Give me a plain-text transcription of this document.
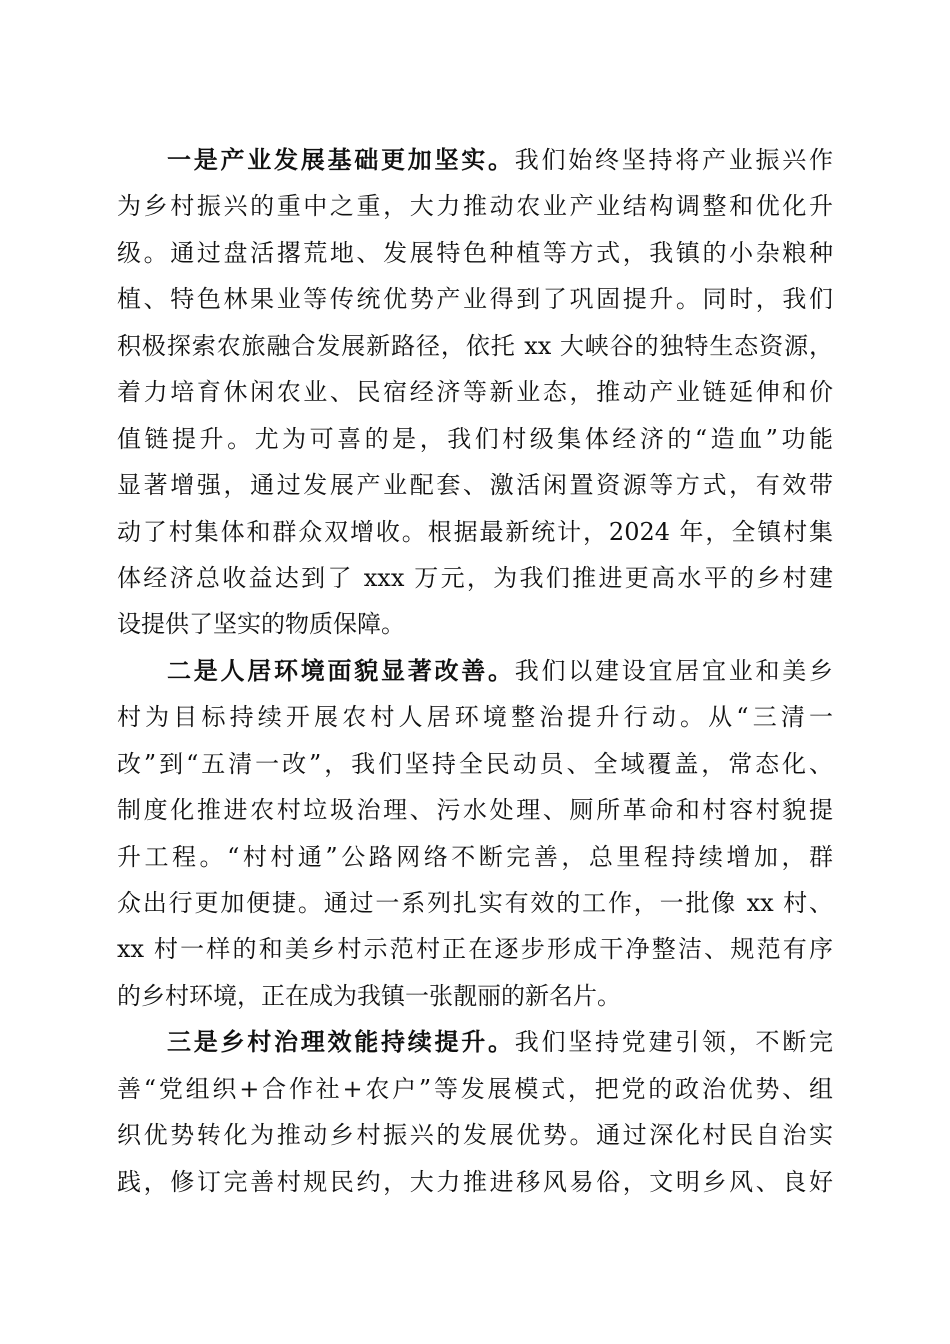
一是产业发展基础更加坚实。我们始终坚持将产业振兴作
为乡村振兴的重中之重，大力推动农业产业结构调整和优化升
级。通过盘活撂荒地、发展特色种植等方式，我镇的小杂粮种
植、特色林果业等传统优势产业得到了巩固提升。同时，我们
积极探索农旅融合发展新路径，依托 xx 大峡谷的独特生态资源，
着力培育休闲农业、民宿经济等新业态，推动产业链延伸和价
值链提升。尤为可喜的是，我们村级集体经济的“造血”功能
显著增强，通过发展产业配套、激活闲置资源等方式，有效带
动了村集体和群众双增收。根据最新统计，2024 年，全镇村集
体经济总收益达到了 xxx 万元，为我们推进更高水平的乡村建
设提供了坚实的物质保障。
二是人居环境面貌显著改善。我们以建设宜居宜业和美乡
村为目标持续开展农村人居环境整治提升行动。从“三清一
改”到“五清一改”，我们坚持全民动员、全域覆盖，常态化、
制度化推进农村垃圾治理、污水处理、厕所革命和村容村貌提
升工程。“村村通”公路网络不断完善，总里程持续增加，群
众出行更加便捷。通过一系列扎实有效的工作，一批像 xx 村、
xx 村一样的和美乡村示范村正在逐步形成干净整洁、规范有序
的乡村环境，正在成为我镇一张靓丽的新名片。
三是乡村治理效能持续提升。我们坚持党建引领，不断完
善“党组织+合作社+农户”等发展模式，把党的政治优势、组
织优势转化为推动乡村振兴的发展优势。通过深化村民自治实
践，修订完善村规民约，大力推进移风易俗，文明乡风、良好
